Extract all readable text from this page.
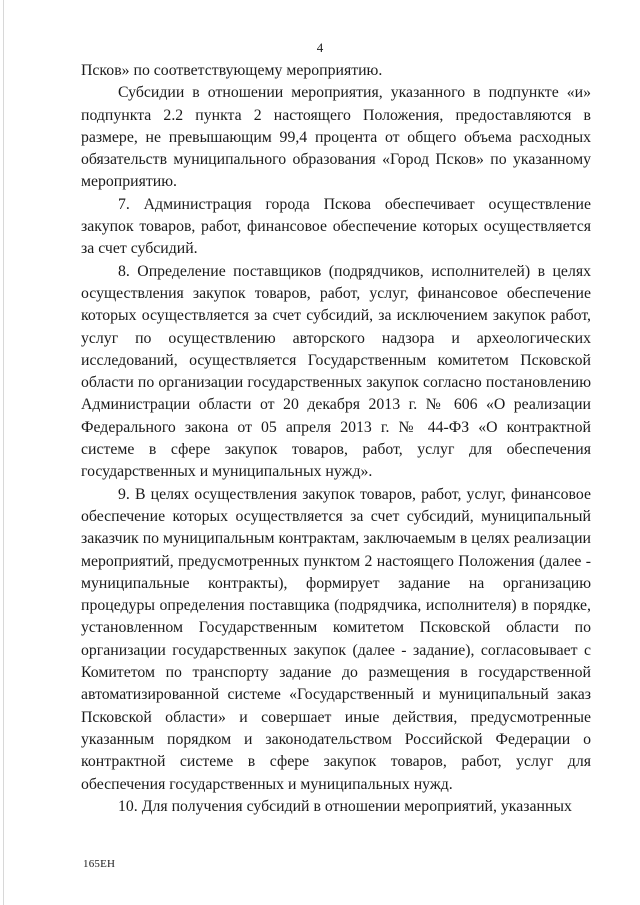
4

Псков» по соответствующему мероприятию.

Субсидии в отношении мероприятия, указанного в подпункте «и» подпункта 2.2 пункта 2 настоящего Положения, предоставляются в размере, не превышающим 99,4 процента от общего объема расходных обязательств муниципального образования «Город Псков» по указанному мероприятию.

7. Администрация города Пскова обеспечивает осуществление закупок товаров, работ, финансовое обеспечение которых осуществляется за счет субсидий.

8. Определение поставщиков (подрядчиков, исполнителей) в целях осуществления закупок товаров, работ, услуг, финансовое обеспечение которых осуществляется за счет субсидий, за исключением закупок работ, услуг по осуществлению авторского надзора и археологических исследований, осуществляется Государственным комитетом Псковской области по организации государственных закупок согласно постановлению Администрации области от 20 декабря 2013 г. № 606 «О реализации Федерального закона от 05 апреля 2013 г. № 44-ФЗ «О контрактной системе в сфере закупок товаров, работ, услуг для обеспечения государственных и муниципальных нужд».

9. В целях осуществления закупок товаров, работ, услуг, финансовое обеспечение которых осуществляется за счет субсидий, муниципальный заказчик по муниципальным контрактам, заключаемым в целях реализации мероприятий, предусмотренных пунктом 2 настоящего Положения (далее - муниципальные контракты), формирует задание на организацию процедуры определения поставщика (подрядчика, исполнителя) в порядке, установленном Государственным комитетом Псковской области по организации государственных закупок (далее - задание), согласовывает с Комитетом по транспорту задание до размещения в государственной автоматизированной системе «Государственный и муниципальный заказ Псковской области» и совершает иные действия, предусмотренные указанным порядком и законодательством Российской Федерации о контрактной системе в сфере закупок товаров, работ, услуг для обеспечения государственных и муниципальных нужд.

10. Для получения субсидий в отношении мероприятий, указанных

165ЕН
